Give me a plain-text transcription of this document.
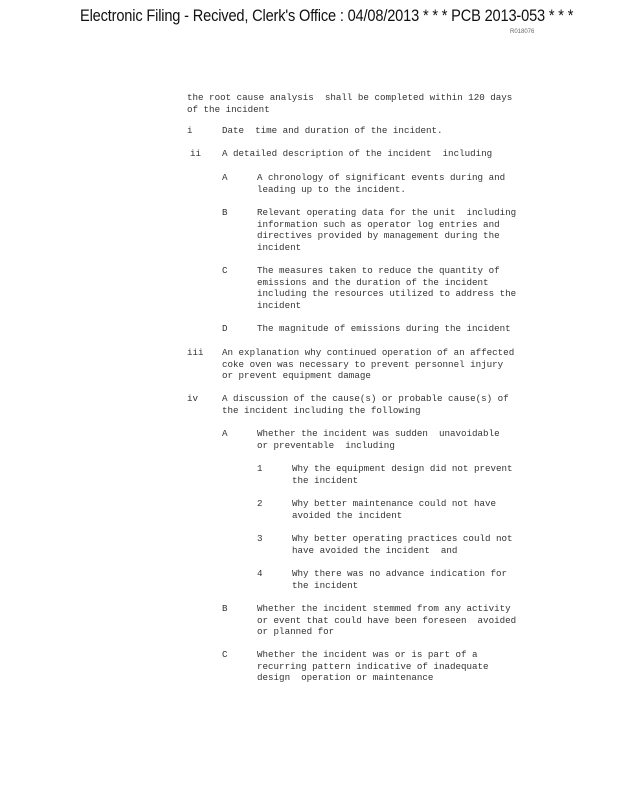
Electronic Filing - Recived, Clerk's Office : 04/08/2013 * * * PCB 2013-053 * * *
R018076
the root cause analysis  shall be completed within 120 days
of the incident
i	Date  time and duration of the incident.
ii A detailed description of the incident  including
A	A chronology of significant events during and
leading up to the incident.
B	Relevant operating data for the unit  including
information such as operator log entries and
directives provided by management during the
incident
C	The measures taken to reduce the quantity of
emissions and the duration of the incident
including the resources utilized to address the
incident
D	The magnitude of emissions during the incident
iii An explanation why continued operation of an affected
coke oven was necessary to prevent personnel injury
or prevent equipment damage
iv	A discussion of the cause(s) or probable cause(s) of
the incident including the following
A	Whether the incident was sudden  unavoidable
or preventable  including
1	Why the equipment design did not prevent
the incident
2	Why better maintenance could not have
avoided the incident
3	Why better operating practices could not
have avoided the incident  and
4	Why there was no advance indication for
the incident
B	Whether the incident stemmed from any activity
or event that could have been foreseen  avoided
or planned for
C	Whether the incident was or is part of a
recurring pattern indicative of inadequate
design  operation or maintenance
